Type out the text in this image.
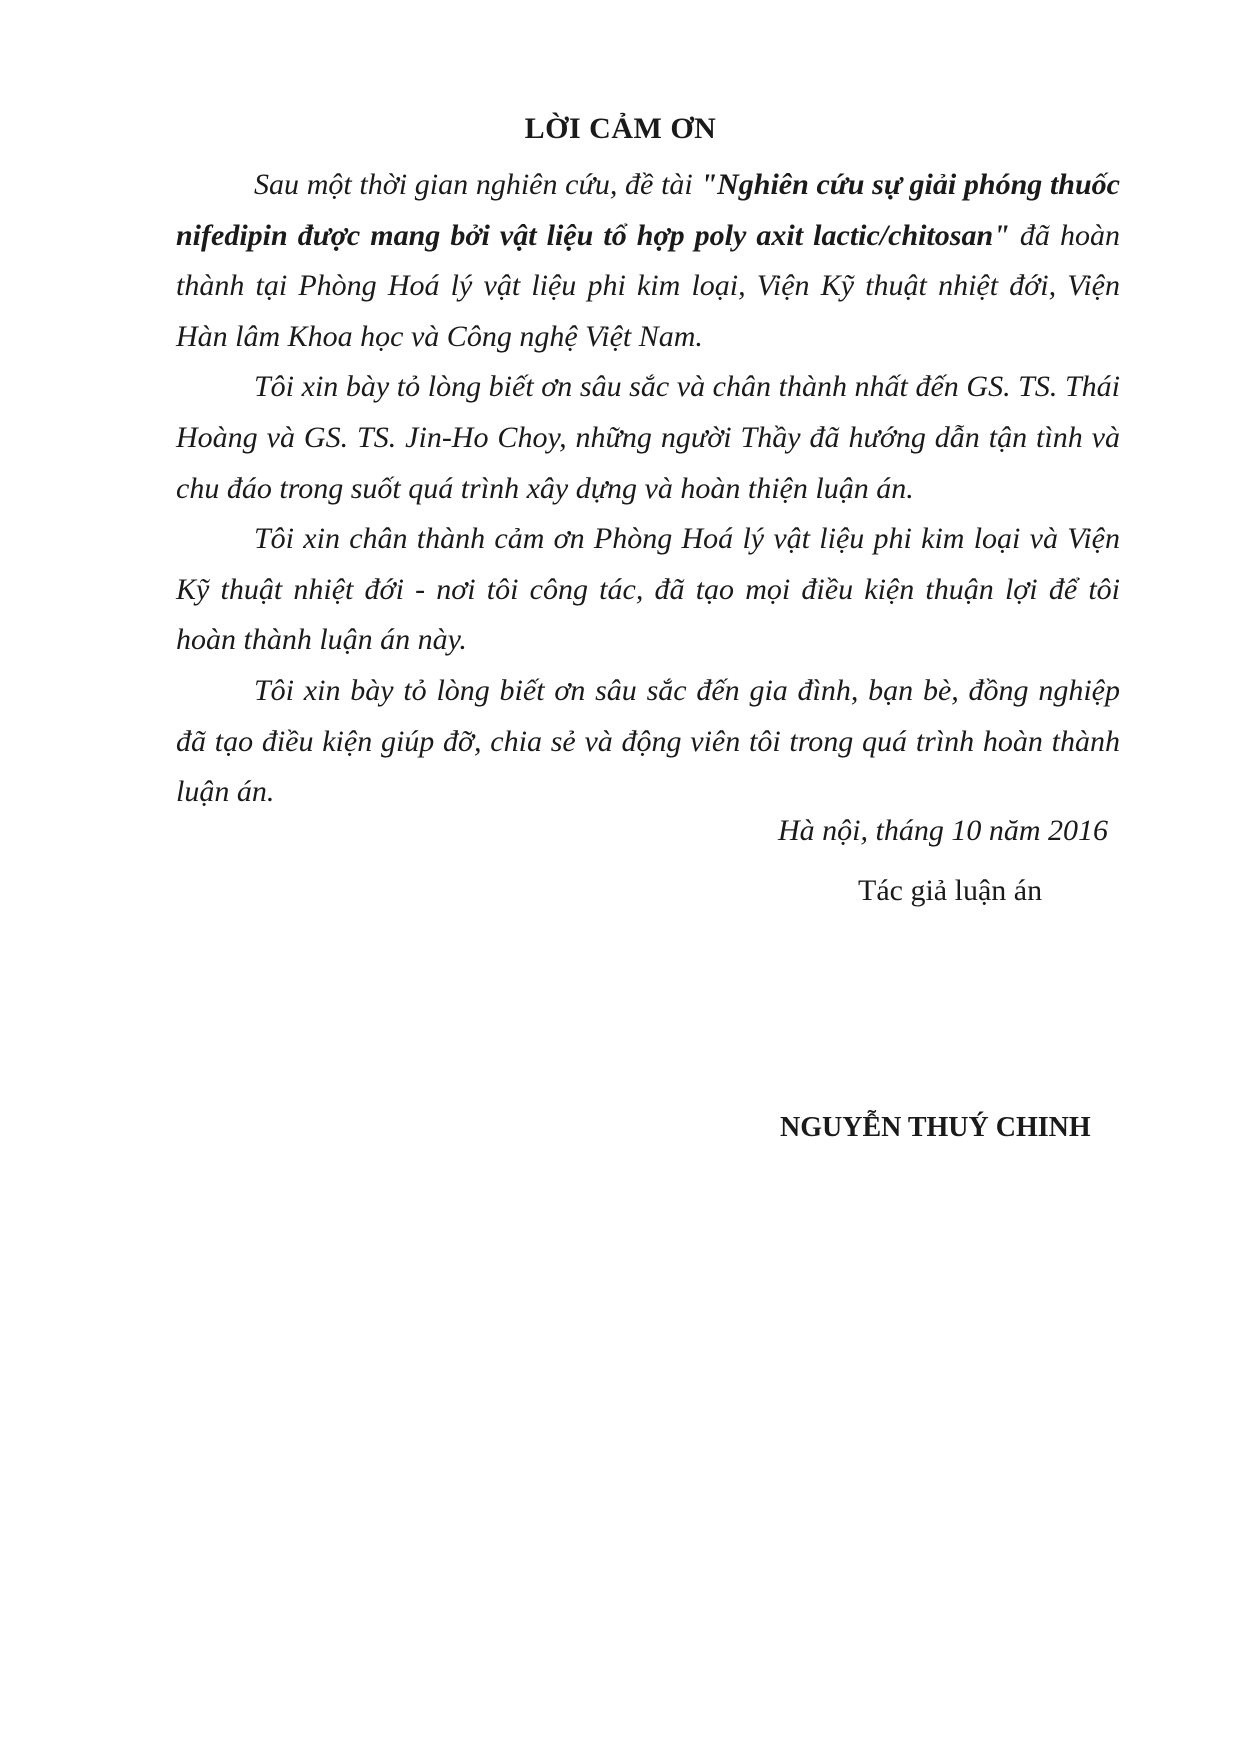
LỜI CẢM ƠN

Sau một thời gian nghiên cứu, đề tài "Nghiên cứu sự giải phóng thuốc nifedipin được mang bởi vật liệu tổ hợp poly axit lactic/chitosan" đã hoàn thành tại Phòng Hoá lý vật liệu phi kim loại, Viện Kỹ thuật nhiệt đới, Viện Hàn lâm Khoa học và Công nghệ Việt Nam.

Tôi xin bày tỏ lòng biết ơn sâu sắc và chân thành nhất đến GS. TS. Thái Hoàng và GS. TS. Jin-Ho Choy, những người Thầy đã hướng dẫn tận tình và chu đáo trong suốt quá trình xây dựng và hoàn thiện luận án.

Tôi xin chân thành cảm ơn Phòng Hoá lý vật liệu phi kim loại và Viện Kỹ thuật nhiệt đới - nơi tôi công tác, đã tạo mọi điều kiện thuận lợi để tôi hoàn thành luận án này.

Tôi xin bày tỏ lòng biết ơn sâu sắc đến gia đình, bạn bè, đồng nghiệp đã tạo điều kiện giúp đỡ, chia sẻ và động viên tôi trong quá trình hoàn thành luận án.

Hà nội, tháng 10 năm 2016
Tác giả luận án
NGUYỄN THUÝ CHINH
